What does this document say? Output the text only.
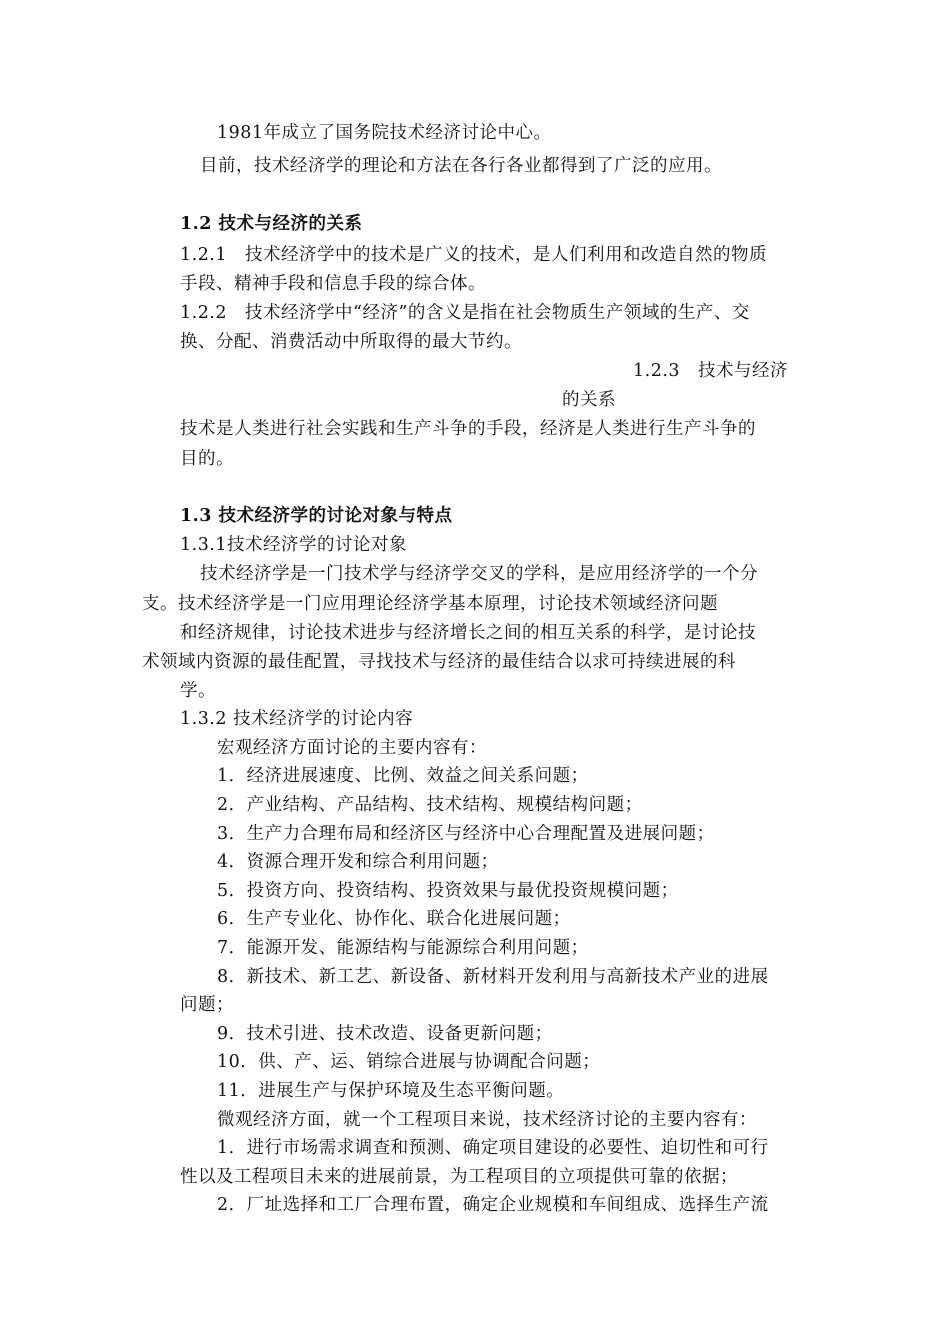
1981年成立了国务院技术经济讨论中心。
目前，技术经济学的理论和方法在各行各业都得到了广泛的应用。
1.2 技术与经济的关系
1.2.1　技术经济学中的技术是广义的技术，是人们利用和改造自然的物质
手段、精神手段和信息手段的综合体。
1.2.2　技术经济学中“经济”的含义是指在社会物质生产领域的生产、交
换、分配、消费活动中所取得的最大节约。
1.2.3　技术与经济
的关系
技术是人类进行社会实践和生产斗争的手段，经济是人类进行生产斗争的
目的。
1.3 技术经济学的讨论对象与特点
1.3.1技术经济学的讨论对象
技术经济学是一门技术学与经济学交叉的学科，是应用经济学的一个分
支。技术经济学是一门应用理论经济学基本原理，讨论技术领域经济问题
和经济规律，讨论技术进步与经济增长之间的相互关系的科学，是讨论技
术领域内资源的最佳配置，寻找技术与经济的最佳结合以求可持续进展的科
学。
1.3.2 技术经济学的讨论内容
宏观经济方面讨论的主要内容有：
1．经济进展速度、比例、效益之间关系问题；
2．产业结构、产品结构、技术结构、规模结构问题；
3．生产力合理布局和经济区与经济中心合理配置及进展问题；
4．资源合理开发和综合利用问题；
5．投资方向、投资结构、投资效果与最优投资规模问题；
6．生产专业化、协作化、联合化进展问题；
7．能源开发、能源结构与能源综合利用问题；
8．新技术、新工艺、新设备、新材料开发利用与高新技术产业的进展
问题；
9．技术引进、技术改造、设备更新问题；
10．供、产、运、销综合进展与协调配合问题；
11．进展生产与保护环境及生态平衡问题。
微观经济方面，就一个工程项目来说，技术经济讨论的主要内容有：
1．进行市场需求调查和预测、确定项目建设的必要性、迫切性和可行
性以及工程项目未来的进展前景，为工程项目的立项提供可靠的依据；
2．厂址选择和工厂合理布置，确定企业规模和车间组成、选择生产流
